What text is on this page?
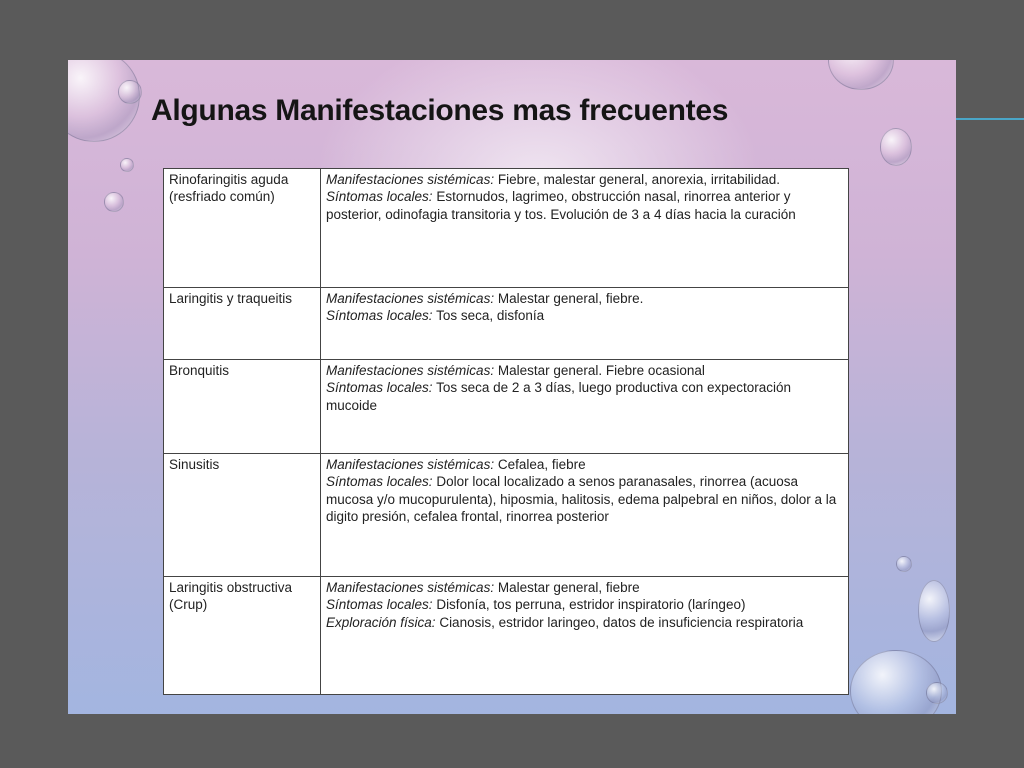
Algunas Manifestaciones mas frecuentes
Rinofaringitis aguda (resfriado común)	Manifestaciones sistémicas: Fiebre, malestar general, anorexia, irritabilidad.
Síntomas locales: Estornudos, lagrimeo, obstrucción nasal, rinorrea anterior y posterior, odinofagia transitoria y tos. Evolución de 3 a 4 días hacia la curación

Laringitis y traqueitis	Manifestaciones sistémicas: Malestar general, fiebre.
Síntomas locales: Tos seca, disfonía

Bronquitis	Manifestaciones sistémicas: Malestar general. Fiebre ocasional
Síntomas locales: Tos seca de 2 a 3 días, luego productiva con expectoración mucoide

Sinusitis	Manifestaciones sistémicas: Cefalea, fiebre
Síntomas locales: Dolor local localizado a senos paranasales, rinorrea (acuosa mucosa y/o mucopurulenta), hiposmia, halitosis, edema palpebral en niños, dolor a la digito presión, cefalea frontal, rinorrea posterior

Laringitis obstructiva (Crup)	Manifestaciones sistémicas: Malestar general, fiebre
Síntomas locales: Disfonía, tos perruna, estridor inspiratorio (laríngeo)
Exploración física: Cianosis, estridor laringeo, datos de insuficiencia respiratoria
